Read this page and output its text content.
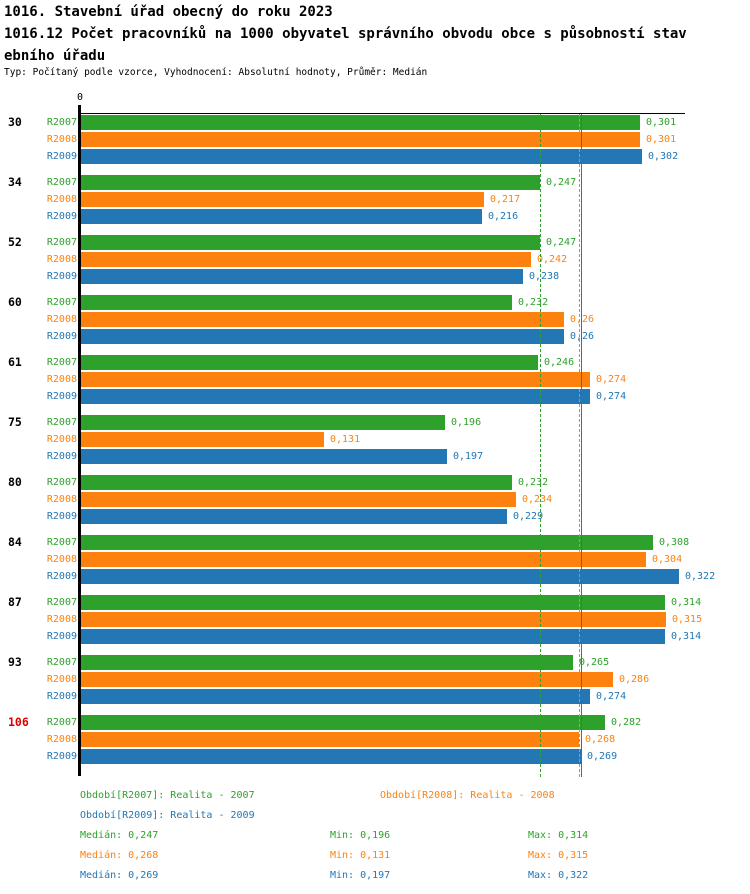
1016. Stavební úřad obecný do roku 2023
1016.12 Počet pracovníků na 1000 obyvatel správního obvodu obce s působností stav
ebního úřadu
Typ: Počítaný podle vzorce, Vyhodnocení: Absolutní hodnoty, Průměr: Medián
0
30	R2007	0,301
R2008	0,301
R2009	0,302
34	R2007	0,247
R2008	0,217
R2009	0,216
52	R2007	0,247
R2008	0,242
R2009	0,238
60	R2007	0,232
R2008	0,26
R2009	0,26
61	R2007	0,246
R2008	0,274
R2009	0,274
75	R2007	0,196
R2008	0,131
R2009	0,197
80	R2007	0,232
R2008	0,234
R2009	0,229
84	R2007	0,308
R2008	0,304
R2009	0,322
87	R2007	0,314
R2008	0,315
R2009	0,314
93	R2007	0,265
R2008	0,286
R2009	0,274
106	R2007	0,282
R2008	0,268
R2009	0,269
Období[R2007]: Realita - 2007	Období[R2008]: Realita - 2008
Období[R2009]: Realita - 2009
Medián: 0,247	Min: 0,196	Max: 0,314
Medián: 0,268	Min: 0,131	Max: 0,315
Medián: 0,269	Min: 0,197	Max: 0,322
